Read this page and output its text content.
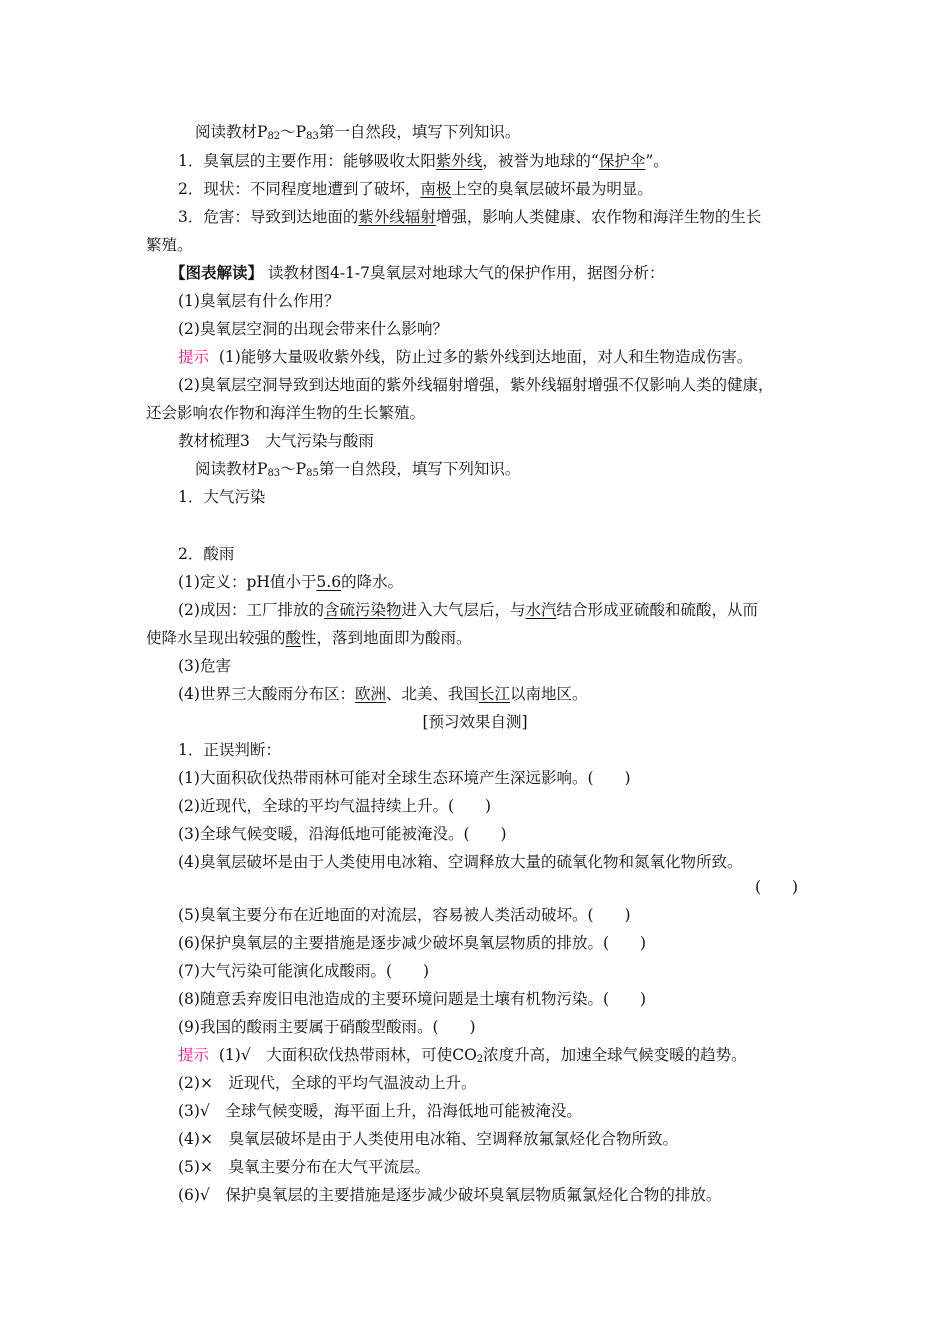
阅读教材$P_{82}\sim P_{83}$第一自然段，填写下列知识。
1．臭氧层的主要作用：能够吸收太阳紫外线，被誉为地球的“保护伞”。
2．现状：不同程度地遭到了破坏，南极上空的臭氧层破坏最为明显。
3．危害：导致到达地面的紫外线辐射增强，影响人类健康、农作物和海洋生物的生长
繁殖。
【图表解读】 读教材图4-1-7臭氧层对地球大气的保护作用，据图分析：
(1)臭氧层有什么作用？
(2)臭氧层空洞的出现会带来什么影响？
提示 (1)能够大量吸收紫外线，防止过多的紫外线到达地面，对人和生物造成伤害。
(2)臭氧层空洞导致到达地面的紫外线辐射增强，紫外线辐射增强不仅影响人类的健康，
还会影响农作物和海洋生物的生长繁殖。
教材梳理3　大气污染与酸雨
阅读教材$P_{83}\sim P_{85}$第一自然段，填写下列知识。
1．大气污染
2．酸雨
(1)定义：pH值小于5.6的降水。
(2)成因：工厂排放的含硫污染物进入大气层后，与水汽结合形成亚硫酸和硫酸，从而
使降水呈现出较强的酸性，落到地面即为酸雨。
(3)危害
(4)世界三大酸雨分布区：欧洲、北美、我国长江以南地区。
[预习效果自测]
1．正误判断：
(1)大面积砍伐热带雨林可能对全球生态环境产生深远影响。(　　)
(2)近现代，全球的平均气温持续上升。(　　)
(3)全球气候变暖，沿海低地可能被淹没。(　　)
(4)臭氧层破坏是由于人类使用电冰箱、空调释放大量的硫氧化物和氮氧化物所致。
(　　)
(5)臭氧主要分布在近地面的对流层，容易被人类活动破坏。(　　)
(6)保护臭氧层的主要措施是逐步减少破坏臭氧层物质的排放。(　　)
(7)大气污染可能演化成酸雨。(　　)
(8)随意丢弃废旧电池造成的主要环境问题是土壤有机物污染。(　　)
(9)我国的酸雨主要属于硝酸型酸雨。(　　)
提示 (1)√　大面积砍伐热带雨林，可使$CO_2$浓度升高，加速全球气候变暖的趋势。
(2)×　近现代，全球的平均气温波动上升。
(3)√　全球气候变暖，海平面上升，沿海低地可能被淹没。
(4)×　臭氧层破坏是由于人类使用电冰箱、空调释放氟氯烃化合物所致。
(5)×　臭氧主要分布在大气平流层。
(6)√　保护臭氧层的主要措施是逐步减少破坏臭氧层物质氟氯烃化合物的排放。
